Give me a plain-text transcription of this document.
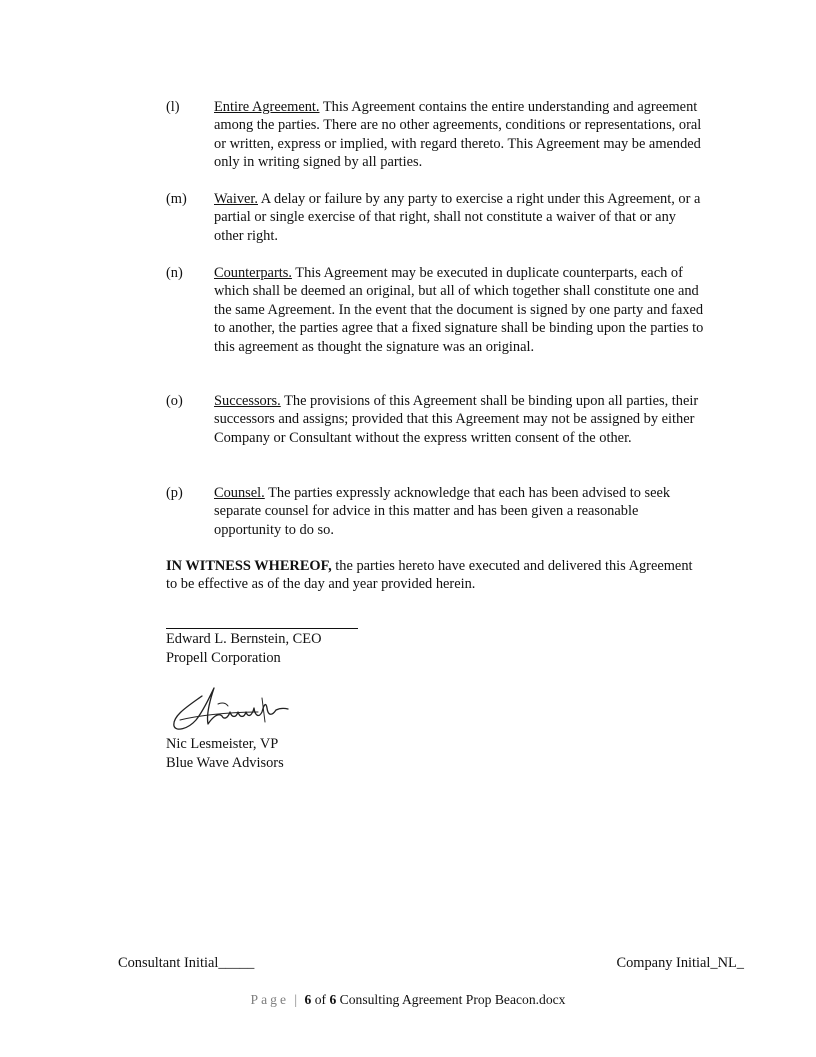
(l) Entire Agreement. This Agreement contains the entire understanding and agreement among the parties. There are no other agreements, conditions or representations, oral or written, express or implied, with regard thereto. This Agreement may be amended only in writing signed by all parties.
(m) Waiver. A delay or failure by any party to exercise a right under this Agreement, or a partial or single exercise of that right, shall not constitute a waiver of that or any other right.
(n) Counterparts. This Agreement may be executed in duplicate counterparts, each of which shall be deemed an original, but all of which together shall constitute one and the same Agreement. In the event that the document is signed by one party and faxed to another, the parties agree that a fixed signature shall be binding upon the parties to this agreement as thought the signature was an original.
(o) Successors. The provisions of this Agreement shall be binding upon all parties, their successors and assigns; provided that this Agreement may not be assigned by either Company or Consultant without the express written consent of the other.
(p) Counsel. The parties expressly acknowledge that each has been advised to seek separate counsel for advice in this matter and has been given a reasonable opportunity to do so.
IN WITNESS WHEREOF, the parties hereto have executed and delivered this Agreement to be effective as of the day and year provided herein.
Edward L. Bernstein, CEO
Propell Corporation
Nic Lesmeister, VP
Blue Wave Advisors
Consultant Initial_____	Company Initial_NL_
Page | 6 of 6 Consulting Agreement Prop Beacon.docx
